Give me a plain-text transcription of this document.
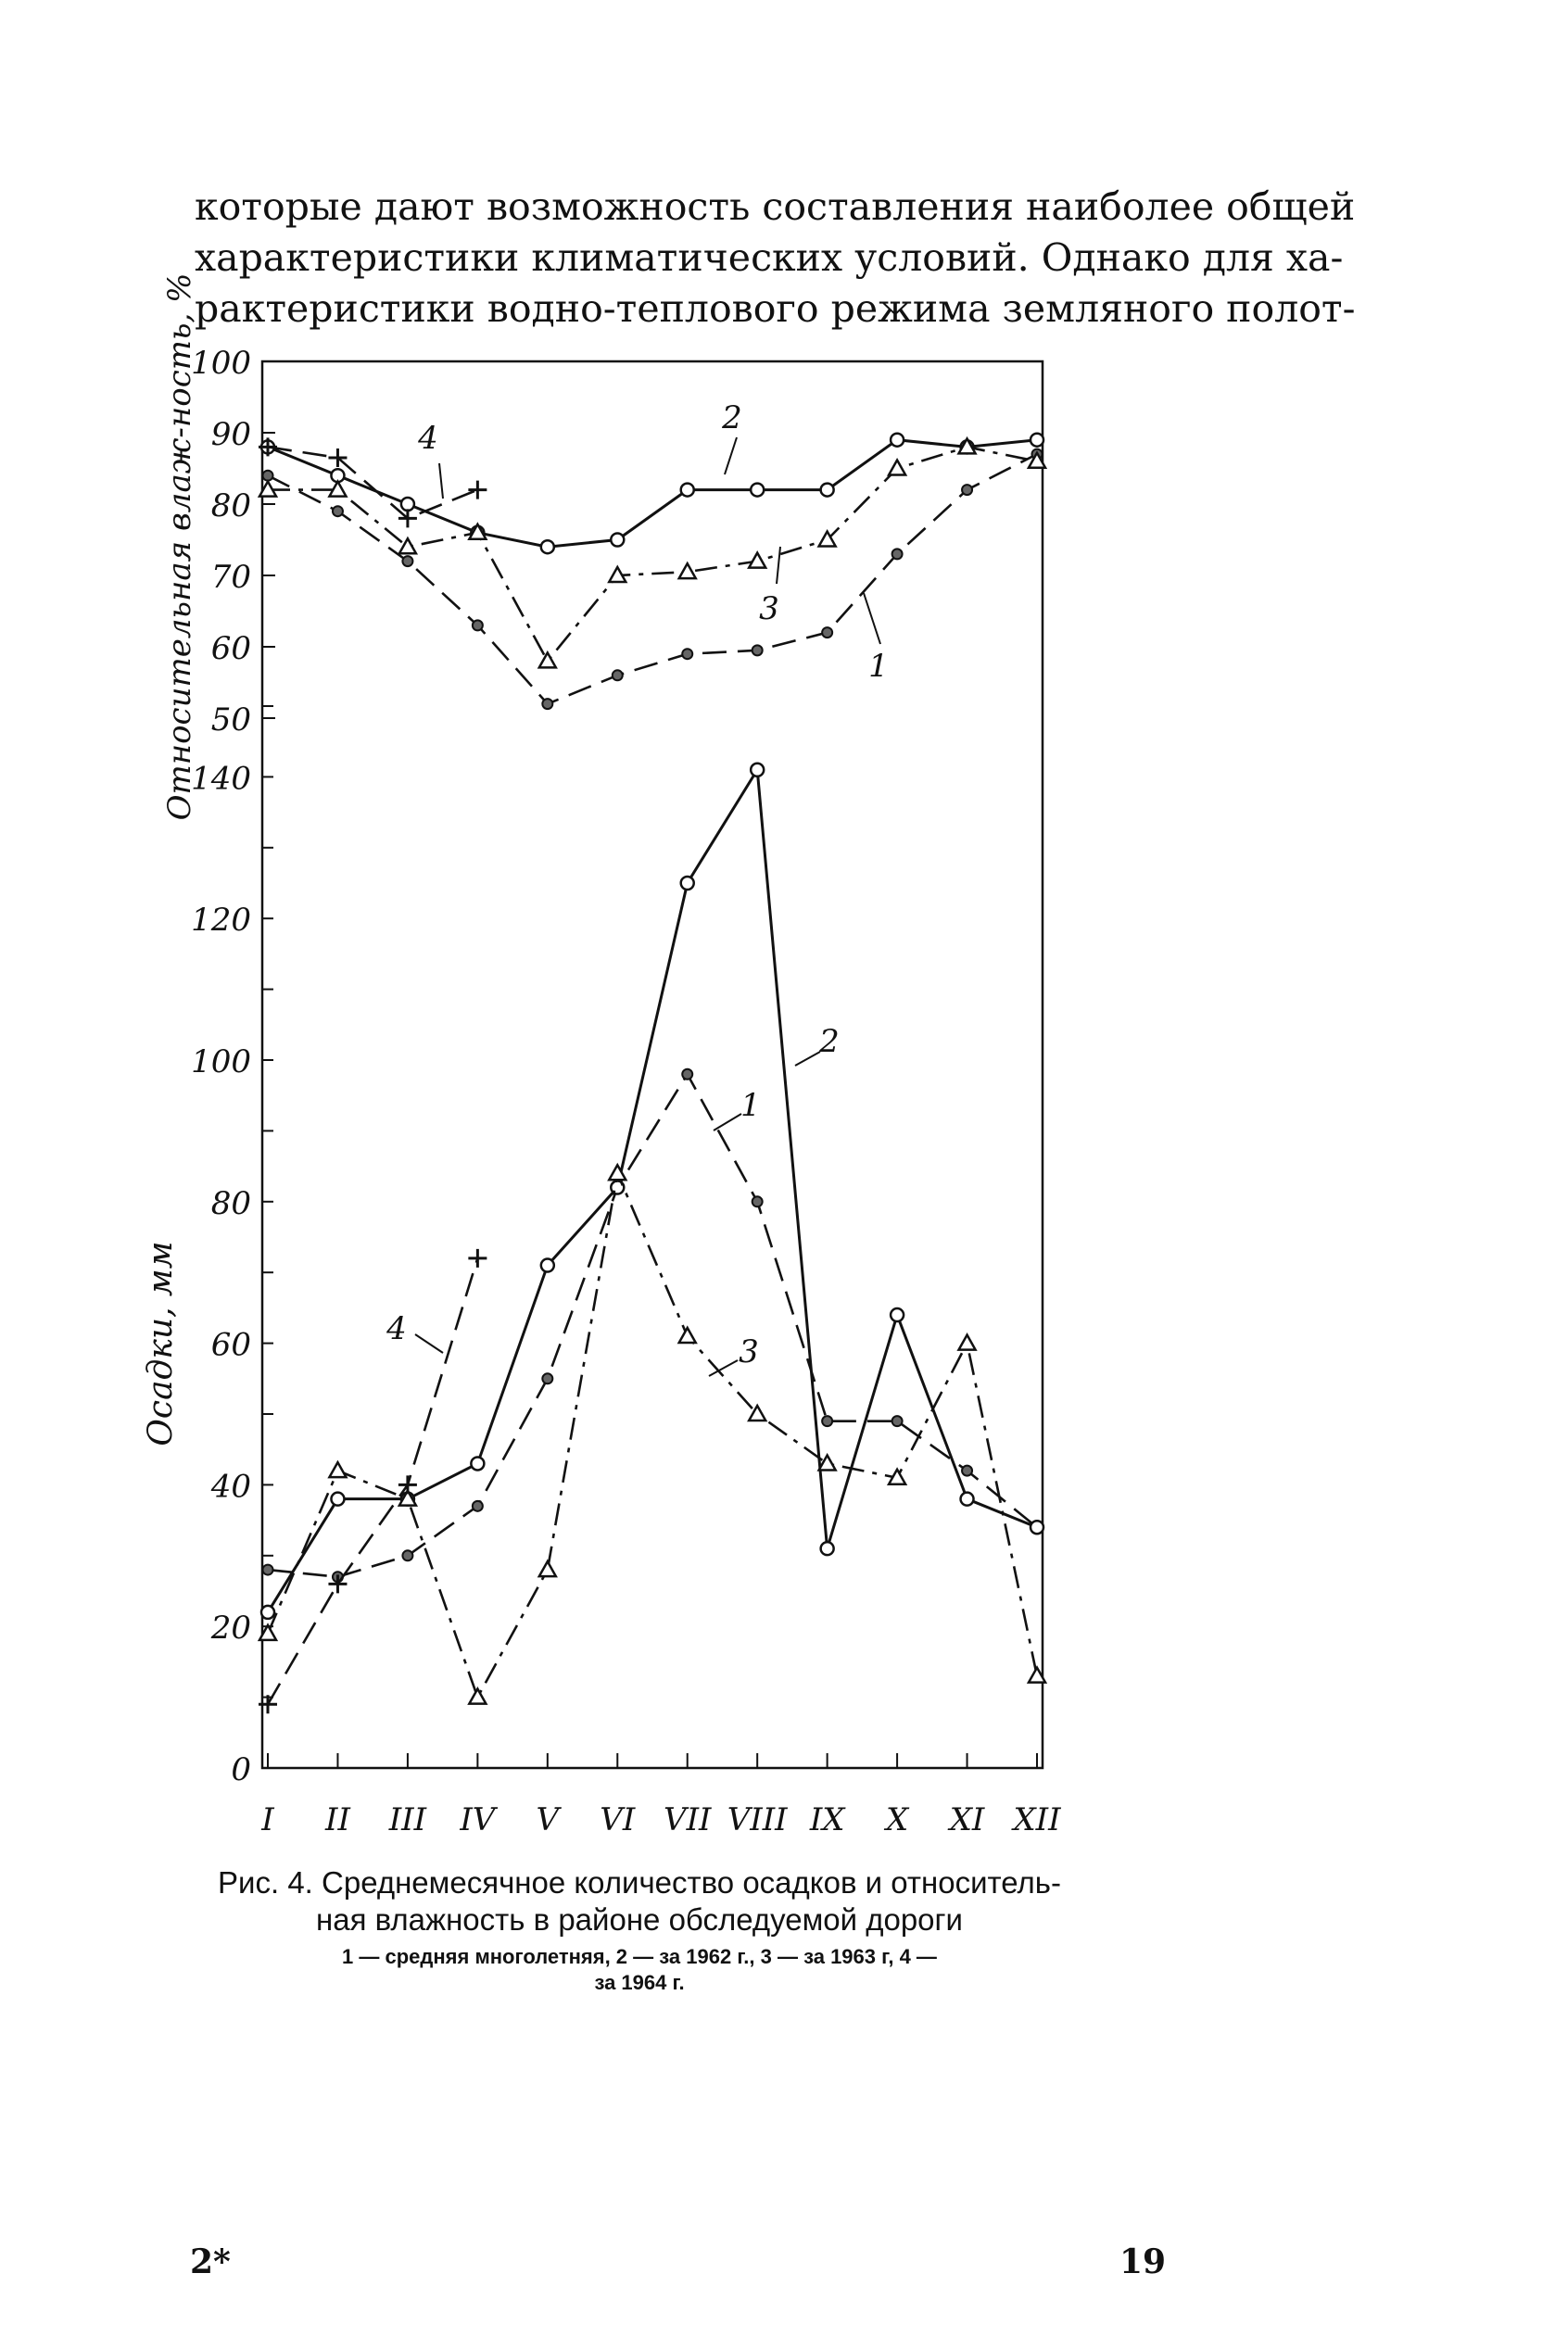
которые дают возможность составления наиболее общей
характеристики климатических условий. Однако для ха-
рактеристики водно-теплового режима земляного полот-
100
90
80
70
60
50
140
120
100
80
60
40
20
0
I II III IV V VI VII VIII IX X XI XII
Относительная влаж-ность, %
Осадки, мм
1
2
3
4
1
2
3
4
Рис. 4. Среднемесячное количество осадков и относитель-
ная влажность в районе обследуемой дороги
1 — средняя многолетняя, 2 — за 1962 г., 3 — за 1963 г, 4 —
за 1964 г.
2*	19
